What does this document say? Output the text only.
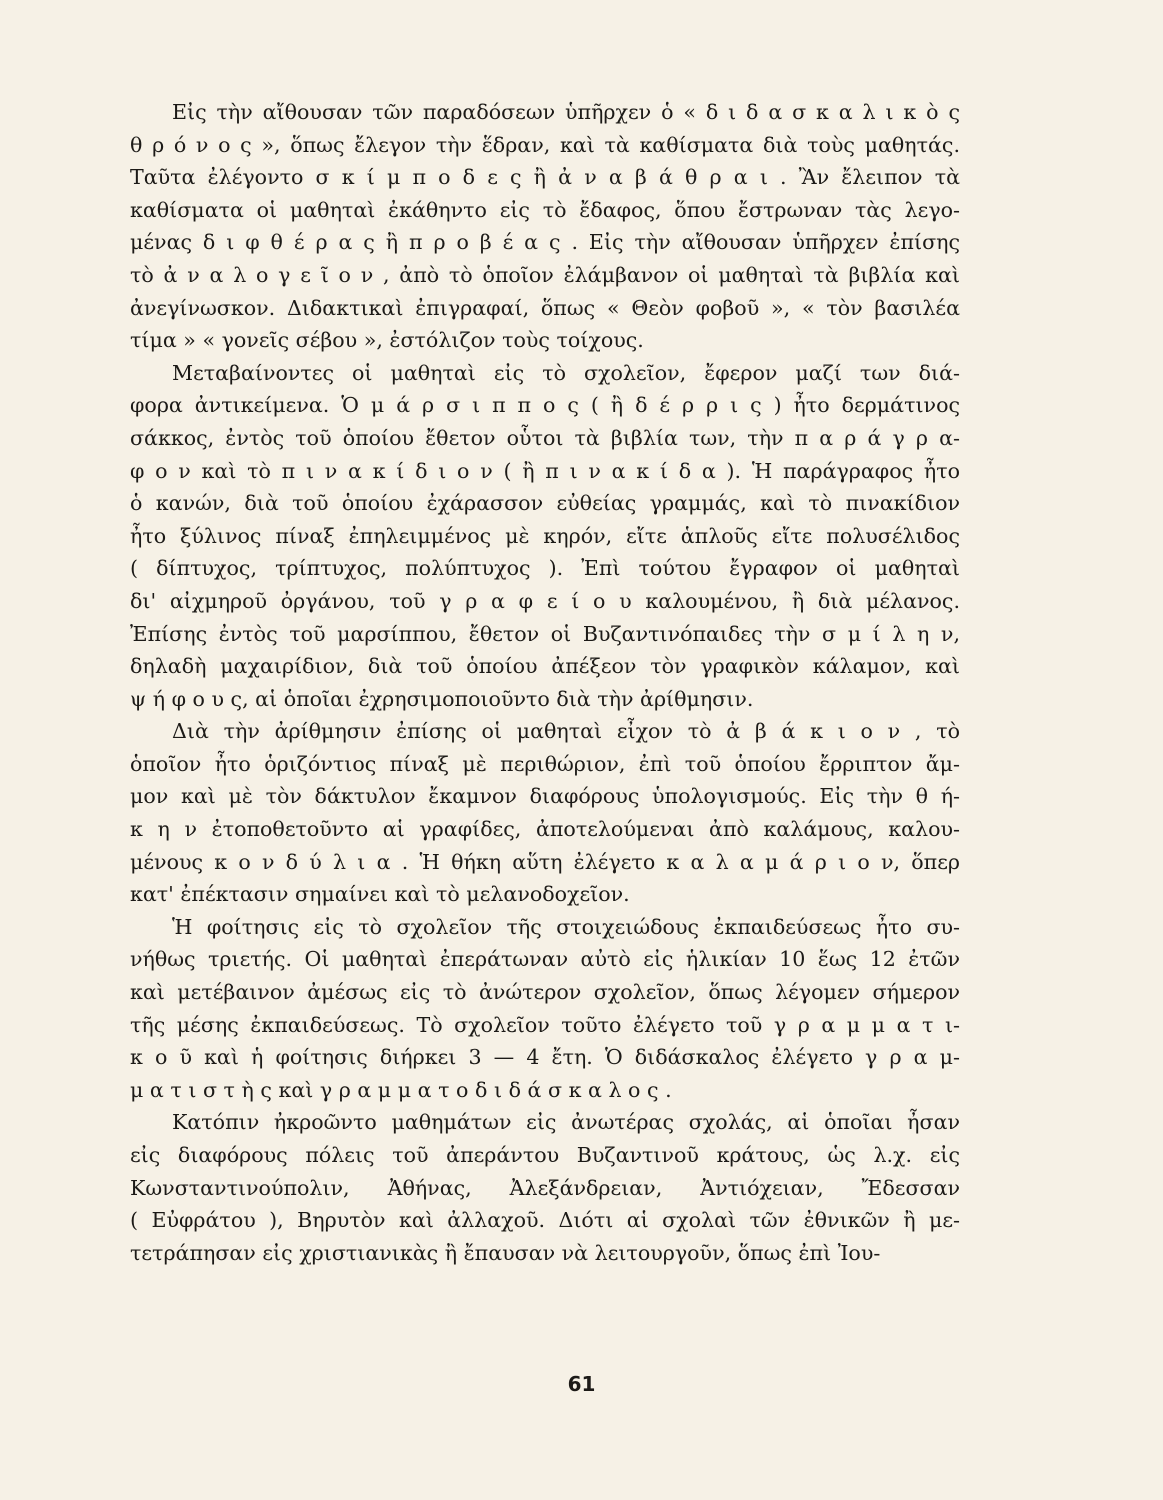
Εἰς τὴν αἴθουσαν τῶν παραδόσεων ὑπῆρχεν ὁ « δ ι δ α σ κ α λ ι κ ὸ ς
θ ρ ό ν ο ς », ὅπως ἔλεγον τὴν ἕδραν, καὶ τὰ καθίσματα διὰ τοὺς μαθητάς.
Ταῦτα ἐλέγοντο σ κ ί μ π ο δ ε ς ἢ ἀ ν α β ά θ ρ α ι . Ἂν ἔλειπον τὰ
καθίσματα οἱ μαθηταὶ ἐκάθηντο εἰς τὸ ἔδαφος, ὅπου ἔστρωναν τὰς λεγο-
μένας δ ι φ θ έ ρ α ς ἢ π ρ ο β έ α ς . Εἰς τὴν αἴθουσαν ὑπῆρχεν ἐπίσης
τὸ ἀ ν α λ ο γ ε ῖ ο ν , ἀπὸ τὸ ὁποῖον ἐλάμβανον οἱ μαθηταὶ τὰ βιβλία καὶ
ἀνεγίνωσκον. Διδακτικαὶ ἐπιγραφαί, ὅπως « Θεὸν φοβοῦ », « τὸν βασιλέα
τίμα » « γονεῖς σέβου », ἐστόλιζον τοὺς τοίχους.
Μεταβαίνοντες οἱ μαθηταὶ εἰς τὸ σχολεῖον, ἔφερον μαζί των διά-
φορα ἀντικείμενα. Ὁ μ ά ρ σ ι π π ο ς ( ἢ δ έ ρ ρ ι ς ) ἦτο δερμάτινος
σάκκος, ἐντὸς τοῦ ὁποίου ἔθετον οὗτοι τὰ βιβλία των, τὴν π α ρ ά γ ρ α-
φ ο ν καὶ τὸ π ι ν α κ ί δ ι ο ν ( ἢ π ι ν α κ ί δ α ). Ἡ παράγραφος ἦτο
ὁ κανών, διὰ τοῦ ὁποίου ἐχάρασσον εὐθείας γραμμάς, καὶ τὸ πινακίδιον
ἦτο ξύλινος πίναξ ἐπηλειμμένος μὲ κηρόν, εἴτε ἁπλοῦς εἴτε πολυσέλιδος
( δίπτυχος, τρίπτυχος, πολύπτυχος ). Ἐπὶ τούτου ἔγραφον οἱ μαθηταὶ
δι' αἰχμηροῦ ὀργάνου, τοῦ γ ρ α φ ε ί ο υ καλουμένου, ἢ διὰ μέλανος.
Ἐπίσης ἐντὸς τοῦ μαρσίππου, ἔθετον οἱ Βυζαντινόπαιδες τὴν σ μ ί λ η ν,
δηλαδὴ μαχαιρίδιον, διὰ τοῦ ὁποίου ἀπέξεον τὸν γραφικὸν κάλαμον, καὶ
ψ ή φ ο υ ς, αἱ ὁποῖαι ἐχρησιμοποιοῦντο διὰ τὴν ἀρίθμησιν.
Διὰ τὴν ἀρίθμησιν ἐπίσης οἱ μαθηταὶ εἶχον τὸ ἀ β ά κ ι ο ν , τὸ
ὁποῖον ἦτο ὁριζόντιος πίναξ μὲ περιθώριον, ἐπὶ τοῦ ὁποίου ἔρριπτον ἄμ-
μον καὶ μὲ τὸν δάκτυλον ἔκαμνον διαφόρους ὑπολογισμούς. Εἰς τὴν θ ή-
κ η ν ἐτοποθετοῦντο αἱ γραφίδες, ἀποτελούμεναι ἀπὸ καλάμους, καλου-
μένους κ ο ν δ ύ λ ι α . Ἡ θήκη αὕτη ἐλέγετο κ α λ α μ ά ρ ι ο ν, ὅπερ
κατ' ἐπέκτασιν σημαίνει καὶ τὸ μελανοδοχεῖον.
Ἡ φοίτησις εἰς τὸ σχολεῖον τῆς στοιχειώδους ἐκπαιδεύσεως ἦτο συ-
νήθως τριετής. Οἱ μαθηταὶ ἐπεράτωναν αὐτὸ εἰς ἡλικίαν 10 ἕως 12 ἐτῶν
καὶ μετέβαινον ἀμέσως εἰς τὸ ἀνώτερον σχολεῖον, ὅπως λέγομεν σήμερον
τῆς μέσης ἐκπαιδεύσεως. Τὸ σχολεῖον τοῦτο ἐλέγετο τοῦ γ ρ α μ μ α τ ι-
κ ο ῦ καὶ ἡ φοίτησις διήρκει 3 — 4 ἔτη. Ὁ διδάσκαλος ἐλέγετο γ ρ α μ-
μ α τ ι σ τ ὴ ς καὶ γ ρ α μ μ α τ ο δ ι δ ά σ κ α λ ο ς .
Κατόπιν ἠκροῶντο μαθημάτων εἰς ἀνωτέρας σχολάς, αἱ ὁποῖαι ἦσαν
εἰς διαφόρους πόλεις τοῦ ἀπεράντου Βυζαντινοῦ κράτους, ὡς λ.χ. εἰς
Κωνσταντινούπολιν, Ἀθήνας, Ἀλεξάνδρειαν, Ἀντιόχειαν, Ἔδεσσαν
( Εὐφράτου ), Βηρυτὸν καὶ ἀλλαχοῦ. Διότι αἱ σχολαὶ τῶν ἐθνικῶν ἢ με-
τετράπησαν εἰς χριστιανικὰς ἢ ἔπαυσαν νὰ λειτουργοῦν, ὅπως ἐπὶ Ἰου-
61
